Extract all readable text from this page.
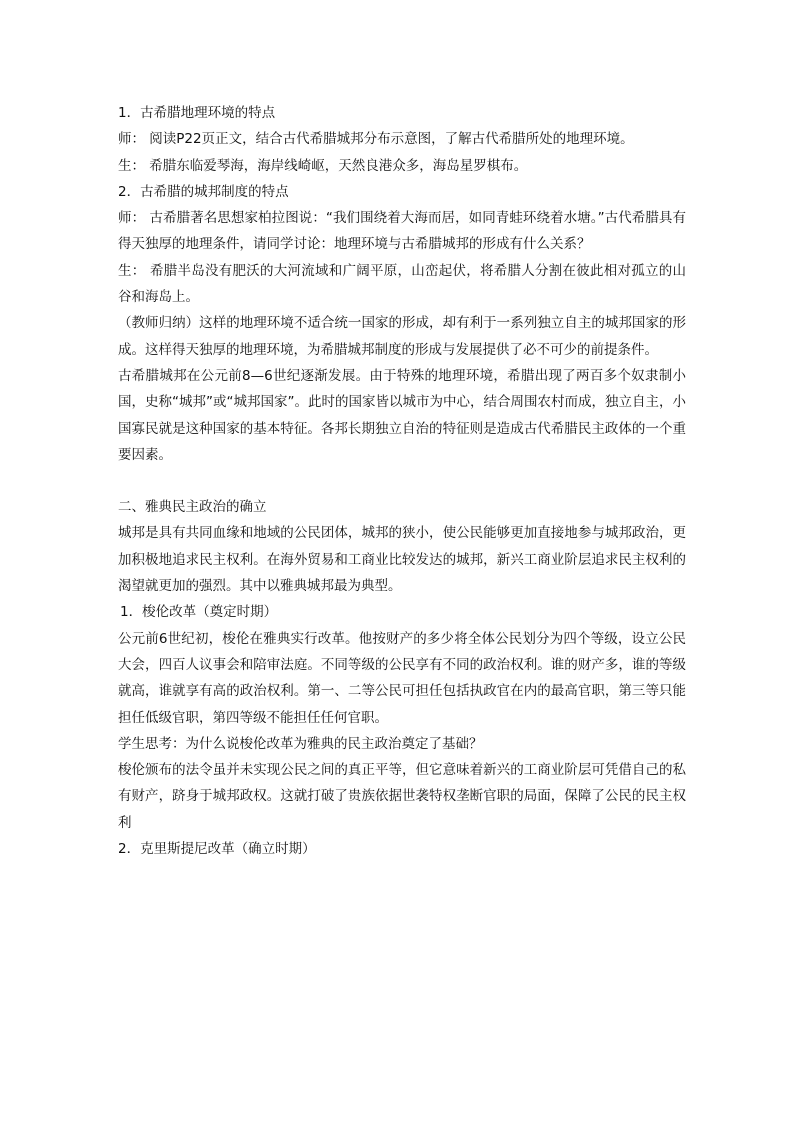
1．古希腊地理环境的特点

师： 阅读P22页正文，结合古代希腊城邦分布示意图，了解古代希腊所处的地理环境。

生： 希腊东临爱琴海，海岸线崎岖，天然良港众多，海岛星罗棋布。

2．古希腊的城邦制度的特点

师： 古希腊著名思想家柏拉图说：“我们围绕着大海而居，如同青蛙环绕着水塘。”古代希腊具有得天独厚的地理条件，请同学讨论：地理环境与古希腊城邦的形成有什么关系？

生： 希腊半岛没有肥沃的大河流域和广阔平原，山峦起伏，将希腊人分割在彼此相对孤立的山谷和海岛上。

（教师归纳）这样的地理环境不适合统一国家的形成，却有利于一系列独立自主的城邦国家的形成。这样得天独厚的地理环境，为希腊城邦制度的形成与发展提供了必不可少的前提条件。

古希腊城邦在公元前8—6世纪逐渐发展。由于特殊的地理环境，希腊出现了两百多个奴隶制小国，史称“城邦”或“城邦国家”。此时的国家皆以城市为中心，结合周围农村而成，独立自主，小国寡民就是这种国家的基本特征。各邦长期独立自治的特征则是造成古代希腊民主政体的一个重要因素。

二、雅典民主政治的确立

城邦是具有共同血缘和地域的公民团体，城邦的狭小，使公民能够更加直接地参与城邦政治，更加积极地追求民主权利。在海外贸易和工商业比较发达的城邦，新兴工商业阶层追求民主权利的渴望就更加的强烈。其中以雅典城邦最为典型。

1．梭伦改革（奠定时期）

公元前6世纪初，梭伦在雅典实行改革。他按财产的多少将全体公民划分为四个等级，设立公民大会，四百人议事会和陪审法庭。不同等级的公民享有不同的政治权利。谁的财产多，谁的等级就高，谁就享有高的政治权利。第一、二等公民可担任包括执政官在内的最高官职，第三等只能担任低级官职，第四等级不能担任任何官职。

学生思考：为什么说梭伦改革为雅典的民主政治奠定了基础？

梭伦颁布的法令虽并未实现公民之间的真正平等，但它意味着新兴的工商业阶层可凭借自己的私有财产，跻身于城邦政权。这就打破了贵族依据世袭特权垄断官职的局面，保障了公民的民主权利

2．克里斯提尼改革（确立时期）
